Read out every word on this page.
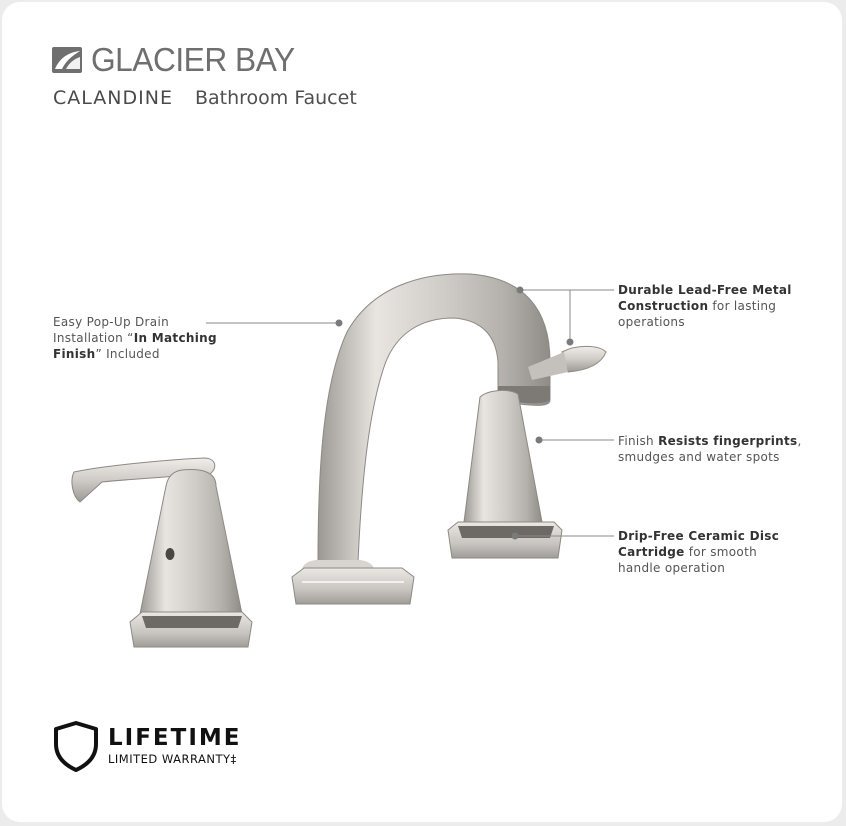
GLACIER BAY
CALANDINE Bathroom Faucet
Easy Pop-Up Drain
Installation “In Matching
Finish” Included
Durable Lead-Free Metal
Construction for lasting
operations
Finish Resists fingerprints,
smudges and water spots
Drip-Free Ceramic Disc
Cartridge for smooth
handle operation
LIFETIME
LIMITED WARRANTY‡
